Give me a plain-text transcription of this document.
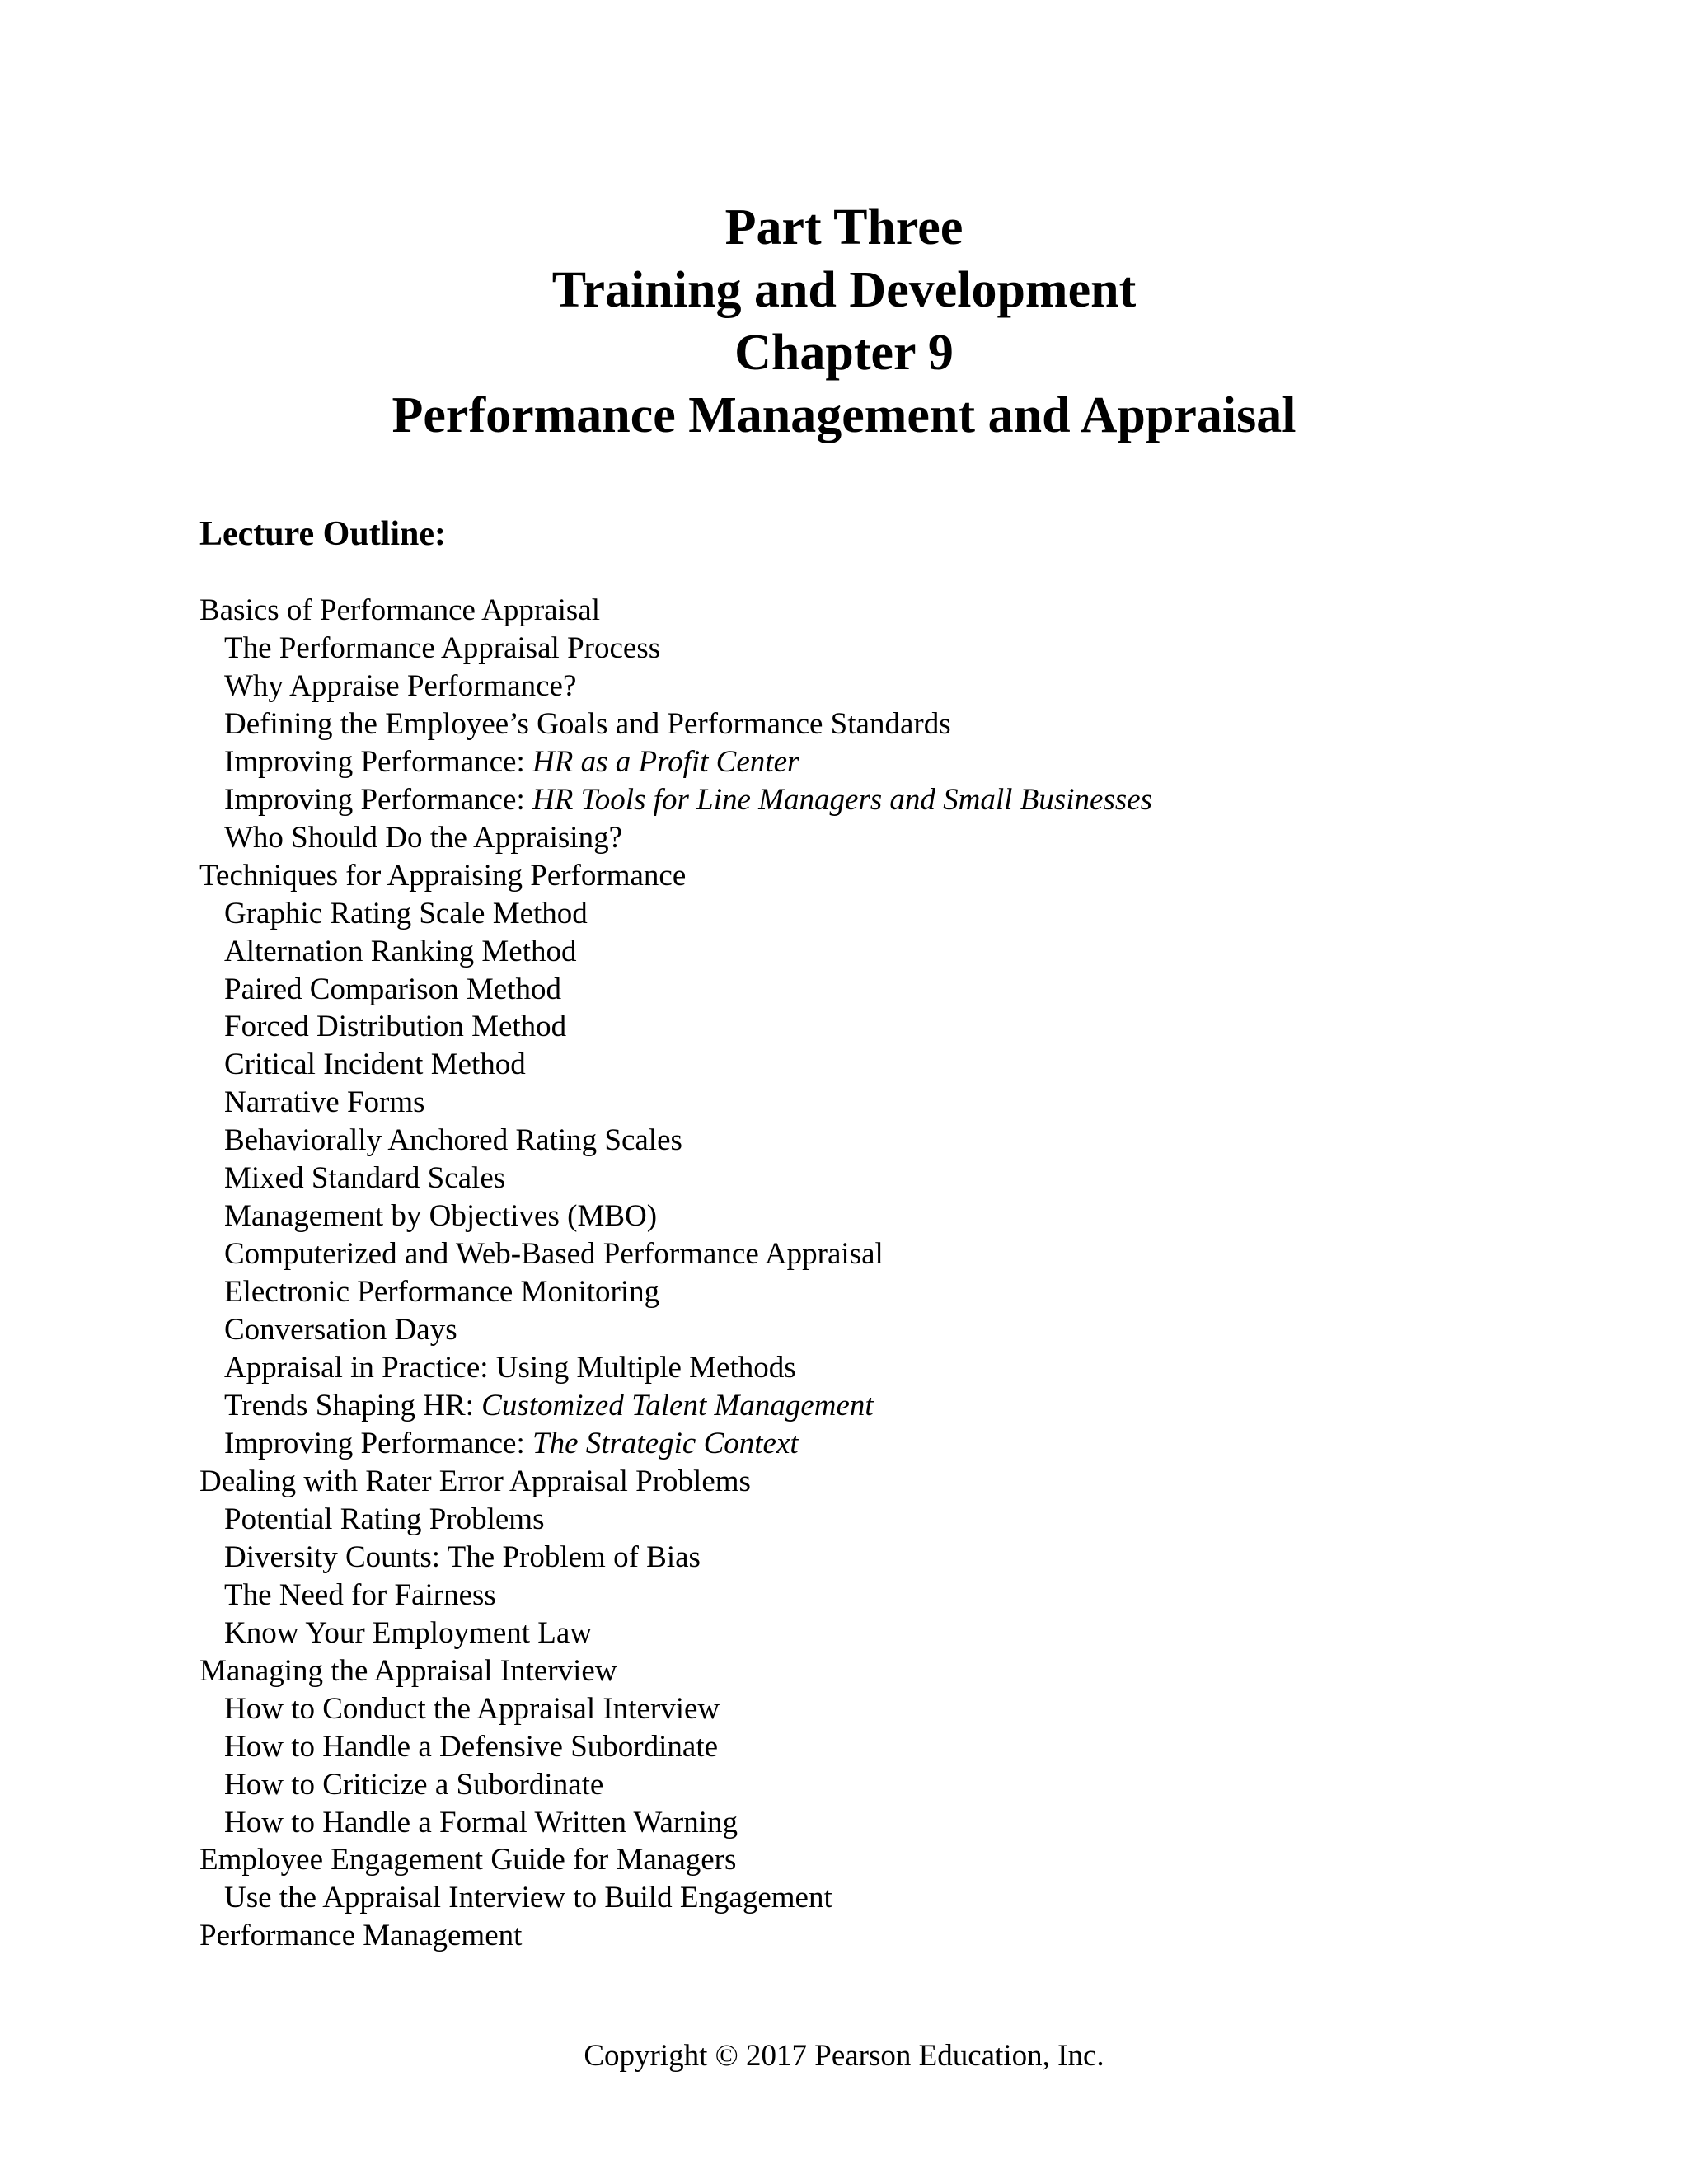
Part Three

Training and Development

Chapter 9

Performance Management and Appraisal

Lecture Outline:

Basics of Performance Appraisal
The Performance Appraisal Process
Why Appraise Performance?
Defining the Employee’s Goals and Performance Standards
Improving Performance: HR as a Profit Center
Improving Performance: HR Tools for Line Managers and Small Businesses
Who Should Do the Appraising?
Techniques for Appraising Performance
Graphic Rating Scale Method
Alternation Ranking Method
Paired Comparison Method
Forced Distribution Method
Critical Incident Method
Narrative Forms
Behaviorally Anchored Rating Scales
Mixed Standard Scales
Management by Objectives (MBO)
Computerized and Web-Based Performance Appraisal
Electronic Performance Monitoring
Conversation Days
Appraisal in Practice: Using Multiple Methods
Trends Shaping HR: Customized Talent Management
Improving Performance: The Strategic Context
Dealing with Rater Error Appraisal Problems
Potential Rating Problems
Diversity Counts: The Problem of Bias
The Need for Fairness
Know Your Employment Law
Managing the Appraisal Interview
How to Conduct the Appraisal Interview
How to Handle a Defensive Subordinate
How to Criticize a Subordinate
How to Handle a Formal Written Warning
Employee Engagement Guide for Managers
Use the Appraisal Interview to Build Engagement
Performance Management

Copyright © 2017 Pearson Education, Inc.
